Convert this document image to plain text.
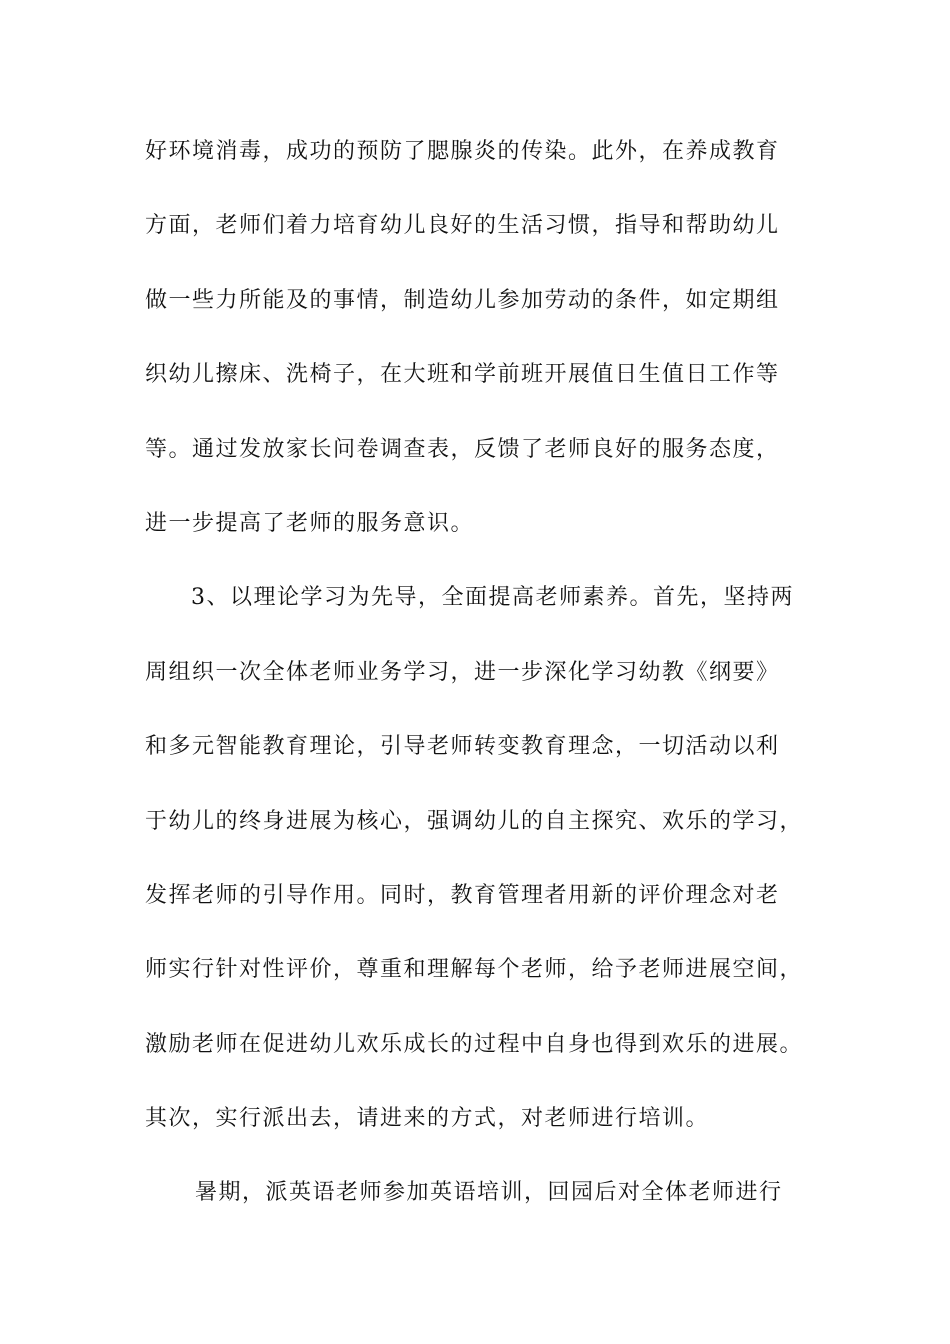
好环境消毒，成功的预防了腮腺炎的传染。此外，在养成教育
方面，老师们着力培育幼儿良好的生活习惯，指导和帮助幼儿
做一些力所能及的事情，制造幼儿参加劳动的条件，如定期组
织幼儿擦床、洗椅子，在大班和学前班开展值日生值日工作等
等。通过发放家长问卷调查表，反馈了老师良好的服务态度，
进一步提高了老师的服务意识。
3、以理论学习为先导，全面提高老师素养。首先，坚持两
周组织一次全体老师业务学习，进一步深化学习幼教《纲要》
和多元智能教育理论，引导老师转变教育理念，一切活动以利
于幼儿的终身进展为核心，强调幼儿的自主探究、欢乐的学习，
发挥老师的引导作用。同时，教育管理者用新的评价理念对老
师实行针对性评价，尊重和理解每个老师，给予老师进展空间，
激励老师在促进幼儿欢乐成长的过程中自身也得到欢乐的进展。
其次，实行派出去，请进来的方式，对老师进行培训。
暑期，派英语老师参加英语培训，回园后对全体老师进行
